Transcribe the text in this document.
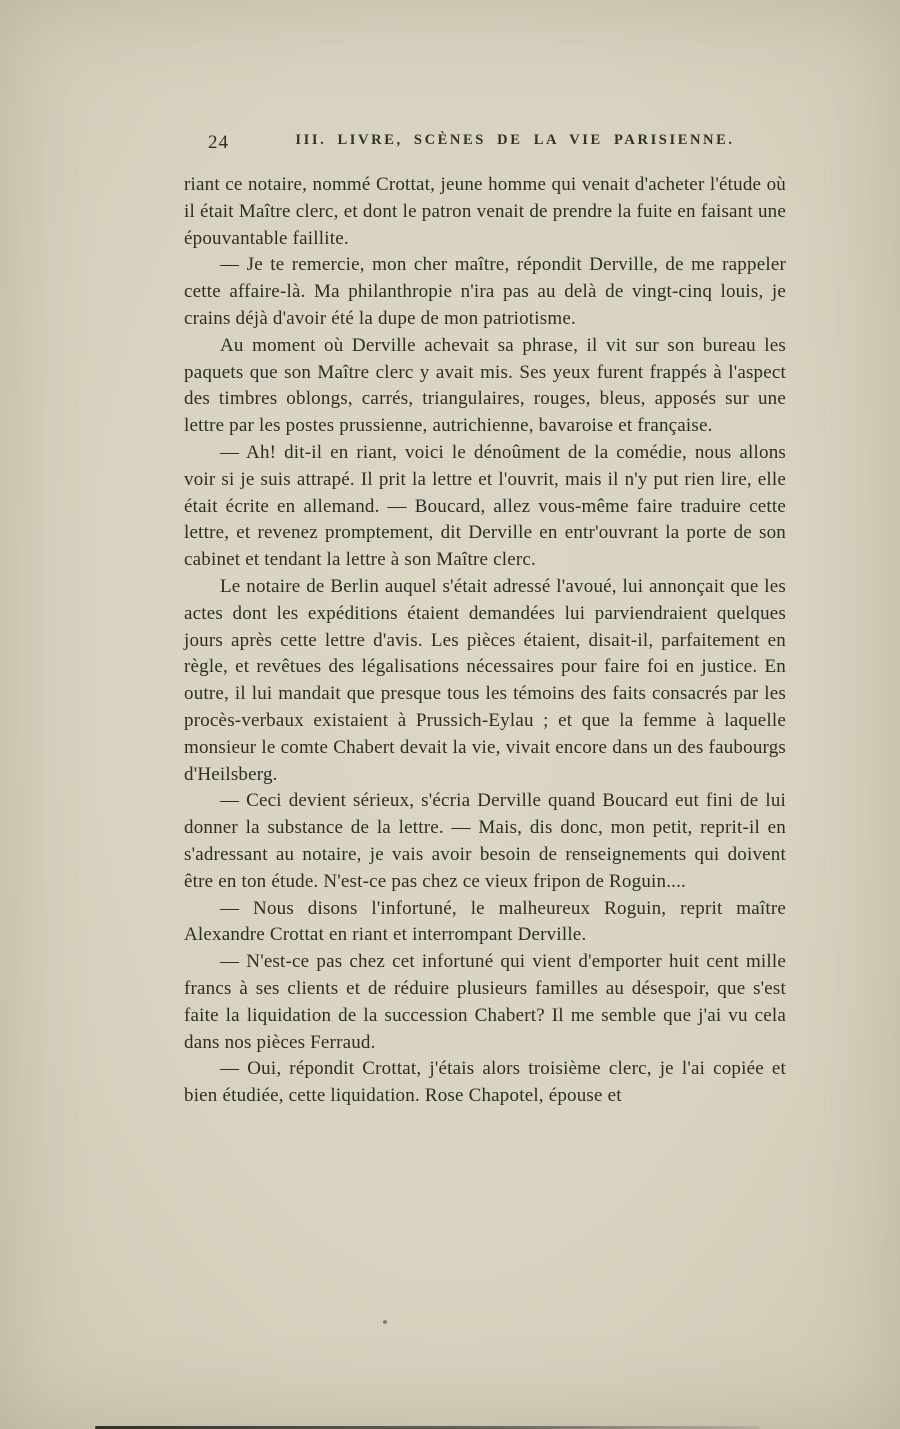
24	III. LIVRE, SCÈNES DE LA VIE PARISIENNE.

riant ce notaire, nommé Crottat, jeune homme qui venait d'acheter l'étude où il était Maître clerc, et dont le patron venait de prendre la fuite en faisant une épouvantable faillite.

— Je te remercie, mon cher maître, répondit Derville, de me rappeler cette affaire-là. Ma philanthropie n'ira pas au delà de vingt-cinq louis, je crains déjà d'avoir été la dupe de mon patriotisme.

Au moment où Derville achevait sa phrase, il vit sur son bureau les paquets que son Maître clerc y avait mis. Ses yeux furent frappés à l'aspect des timbres oblongs, carrés, triangulaires, rouges, bleus, apposés sur une lettre par les postes prussienne, autrichienne, bavaroise et française.

— Ah! dit-il en riant, voici le dénoûment de la comédie, nous allons voir si je suis attrapé. Il prit la lettre et l'ouvrit, mais il n'y put rien lire, elle était écrite en allemand. — Boucard, allez vous-même faire traduire cette lettre, et revenez promptement, dit Derville en entr'ouvrant la porte de son cabinet et tendant la lettre à son Maître clerc.

Le notaire de Berlin auquel s'était adressé l'avoué, lui annonçait que les actes dont les expéditions étaient demandées lui parviendraient quelques jours après cette lettre d'avis. Les pièces étaient, disait-il, parfaitement en règle, et revêtues des légalisations nécessaires pour faire foi en justice. En outre, il lui mandait que presque tous les témoins des faits consacrés par les procès-verbaux existaient à Prussich-Eylau ; et que la femme à laquelle monsieur le comte Chabert devait la vie, vivait encore dans un des faubourgs d'Heilsberg.

— Ceci devient sérieux, s'écria Derville quand Boucard eut fini de lui donner la substance de la lettre. — Mais, dis donc, mon petit, reprit-il en s'adressant au notaire, je vais avoir besoin de renseignements qui doivent être en ton étude. N'est-ce pas chez ce vieux fripon de Roguin....

— Nous disons l'infortuné, le malheureux Roguin, reprit maître Alexandre Crottat en riant et interrompant Derville.

— N'est-ce pas chez cet infortuné qui vient d'emporter huit cent mille francs à ses clients et de réduire plusieurs familles au désespoir, que s'est faite la liquidation de la succession Chabert? Il me semble que j'ai vu cela dans nos pièces Ferraud.

— Oui, répondit Crottat, j'étais alors troisième clerc, je l'ai copiée et bien étudiée, cette liquidation. Rose Chapotel, épouse et
